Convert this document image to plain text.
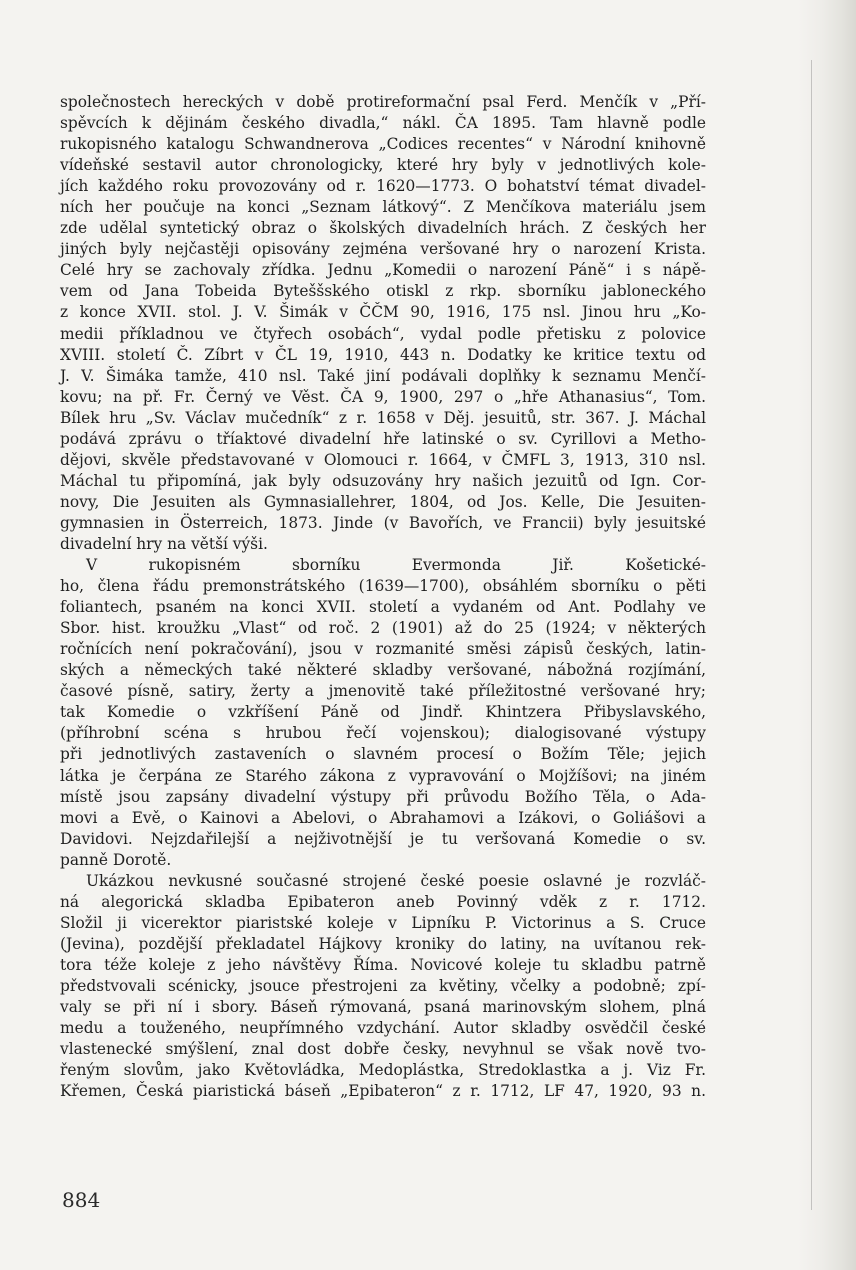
společnostech hereckých v době protireformační psal Ferd. Menčík v „Pří-
spěvcích k dějinám českého divadla,“ nákl. ČA 1895. Tam hlavně podle
rukopisného katalogu Schwandnerova „Codices recentes“ v Národní knihovně
vídeňské sestavil autor chronologicky, které hry byly v jednotlivých kole-
jích každého roku provozovány od r. 1620—1773. O bohatství témat divadel-
ních her poučuje na konci „Seznam látkový“. Z Menčíkova materiálu jsem
zde udělal syntetický obraz o školských divadelních hrách. Z českých her
jiných byly nejčastěji opisovány zejména veršované hry o narození Krista.
Celé hry se zachovaly zřídka. Jednu „Komedii o narození Páně“ i s nápě-
vem od Jana Tobeida Byteššského otiskl z rkp. sborníku jabloneckého
z konce XVII. stol. J. V. Šimák v ČČM 90, 1916, 175 nsl. Jinou hru „Ko-
medii příkladnou ve čtyřech osobách“, vydal podle přetisku z polovice
XVIII. století Č. Zíbrt v ČL 19, 1910, 443 n. Dodatky ke kritice textu od
J. V. Šimáka tamže, 410 nsl. Také jiní podávali doplňky k seznamu Menčí-
kovu; na př. Fr. Černý ve Věst. ČA 9, 1900, 297 o „hře Athanasius“, Tom.
Bílek hru „Sv. Václav mučedník“ z r. 1658 v Děj. jesuitů, str. 367. J. Máchal
podává zprávu o tříaktové divadelní hře latinské o sv. Cyrillovi a Metho-
dějovi, skvěle představované v Olomouci r. 1664, v ČMFL 3, 1913, 310 nsl.
Máchal tu připomíná, jak byly odsuzovány hry našich jezuitů od Ign. Cor-
novy, Die Jesuiten als Gymnasiallehrer, 1804, od Jos. Kelle, Die Jesuiten-
gymnasien in Österreich, 1873. Jinde (v Bavořích, ve Francii) byly jesuitské
divadelní hry na větší výši.
V rukopisném sborníku Evermonda Jiř. Košetické-
ho, člena řádu premonstrátského (1639—1700), obsáhlém sborníku o pěti
foliantech, psaném na konci XVII. století a vydaném od Ant. Podlahy ve
Sbor. hist. kroužku „Vlast“ od roč. 2 (1901) až do 25 (1924; v některých
ročnících není pokračování), jsou v rozmanité směsi zápisů českých, latin-
ských a německých také některé skladby veršované, nábožná rozjímání,
časové písně, satiry, žerty a jmenovitě také příležitostné veršované hry;
tak Komedie o vzkříšení Páně od Jindř. Khintzera Přibyslavského,
(příhrobní scéna s hrubou řečí vojenskou); dialogisované výstupy
při jednotlivých zastaveních o slavném procesí o Božím Těle; jejich
látka je čerpána ze Starého zákona z vypravování o Mojžíšovi; na jiném
místě jsou zapsány divadelní výstupy při průvodu Božího Těla, o Ada-
movi a Evě, o Kainovi a Abelovi, o Abrahamovi a Izákovi, o Goliášovi a
Davidovi. Nejzdařilejší a nejživotnější je tu veršovaná Komedie o sv.
panně Dorotě.
Ukázkou nevkusné současné strojené české poesie oslavné je rozvláč-
ná alegorická skladba Epibateron aneb Povinný vděk z r. 1712.
Složil ji vicerektor piaristské koleje v Lipníku P. Victorinus a S. Cruce
(Jevina), pozdější překladatel Hájkovy kroniky do latiny, na uvítanou rek-
tora téže koleje z jeho návštěvy Říma. Novicové koleje tu skladbu patrně
předstvovali scénicky, jsouce přestrojeni za květiny, včelky a podobně; zpí-
valy se při ní i sbory. Báseň rýmovaná, psaná marinovským slohem, plná
medu a touženého, neupřímného vzdychání. Autor skladby osvědčil české
vlastenecké smýšlení, znal dost dobře česky, nevyhnul se však nově tvo-
řeným slovům, jako Květovládka, Medoplástka, Stredoklastka a j. Viz Fr.
Křemen, Česká piaristická báseň „Epibateron“ z r. 1712, LF 47, 1920, 93 n.
884
